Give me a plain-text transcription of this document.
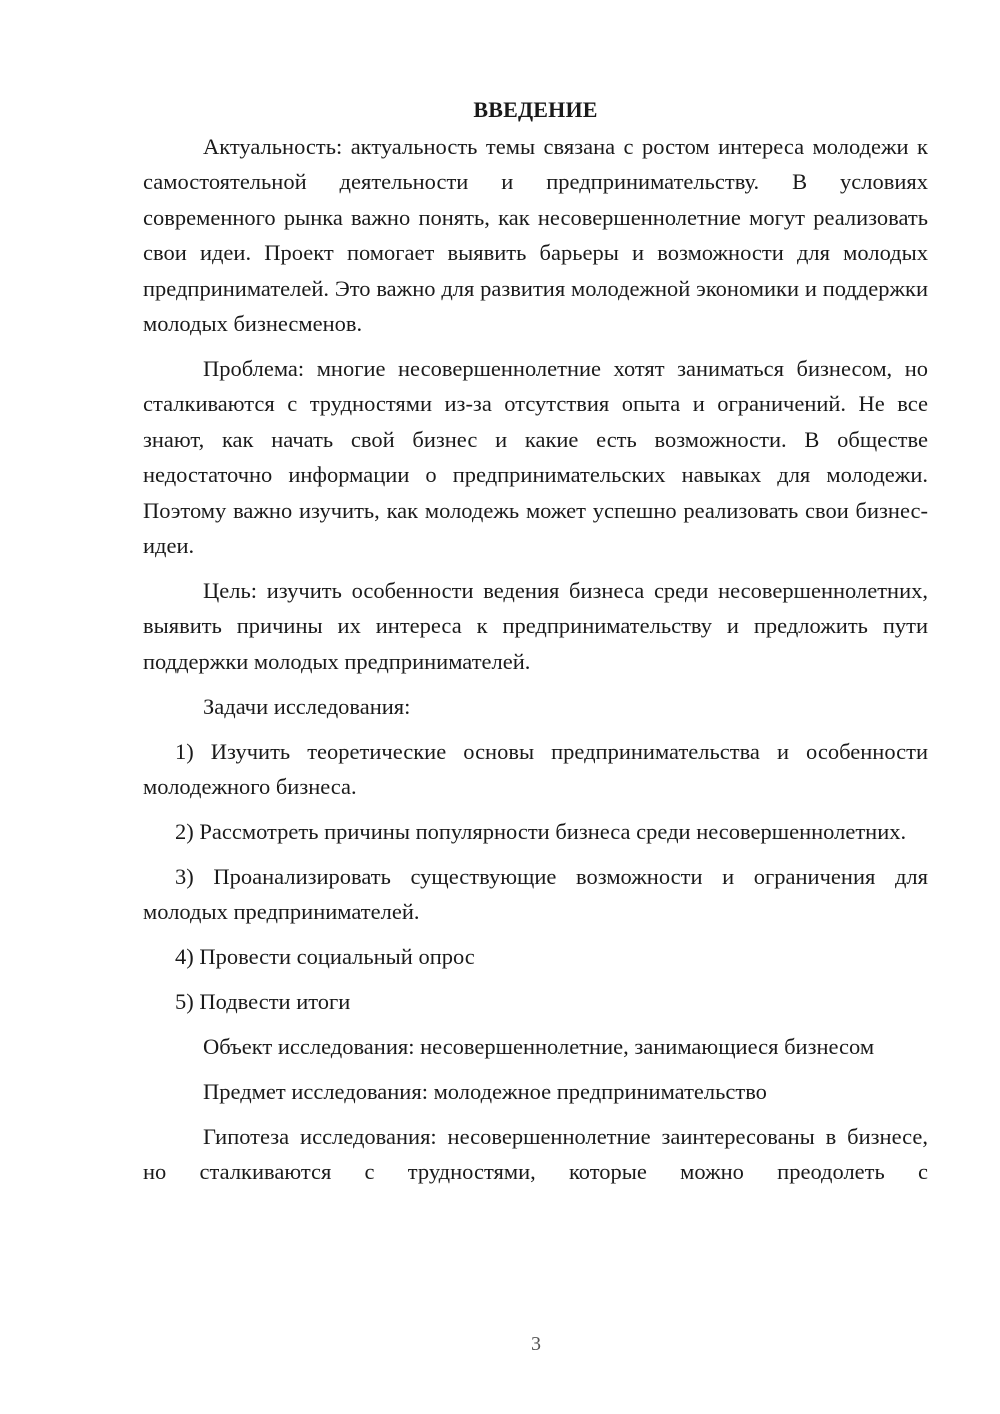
ВВЕДЕНИЕ

Актуальность: актуальность темы связана с ростом интереса молодежи к самостоятельной деятельности и предпринимательству. В условиях современного рынка важно понять, как несовершеннолетние могут реализовать свои идеи. Проект помогает выявить барьеры и возможности для молодых предпринимателей. Это важно для развития молодежной экономики и поддержки молодых бизнесменов.

Проблема: многие несовершеннолетние хотят заниматься бизнесом, но сталкиваются с трудностями из-за отсутствия опыта и ограничений. Не все знают, как начать свой бизнес и какие есть возможности. В обществе недостаточно информации о предпринимательских навыках для молодежи. Поэтому важно изучить, как молодежь может успешно реализовать свои бизнес-идеи.

Цель: изучить особенности ведения бизнеса среди несовершеннолетних, выявить причины их интереса к предпринимательству и предложить пути поддержки молодых предпринимателей.

Задачи исследования:

1) Изучить теоретические основы предпринимательства и особенности молодежного бизнеса.

2) Рассмотреть причины популярности бизнеса среди несовершеннолетних.

3) Проанализировать существующие возможности и ограничения для молодых предпринимателей.

4) Провести социальный опрос

5) Подвести итоги

Объект исследования: несовершеннолетние, занимающиеся бизнесом

Предмет исследования: молодежное предпринимательство

Гипотеза исследования: несовершеннолетние заинтересованы в бизнесе, но сталкиваются с трудностями, которые можно преодолеть с

3
